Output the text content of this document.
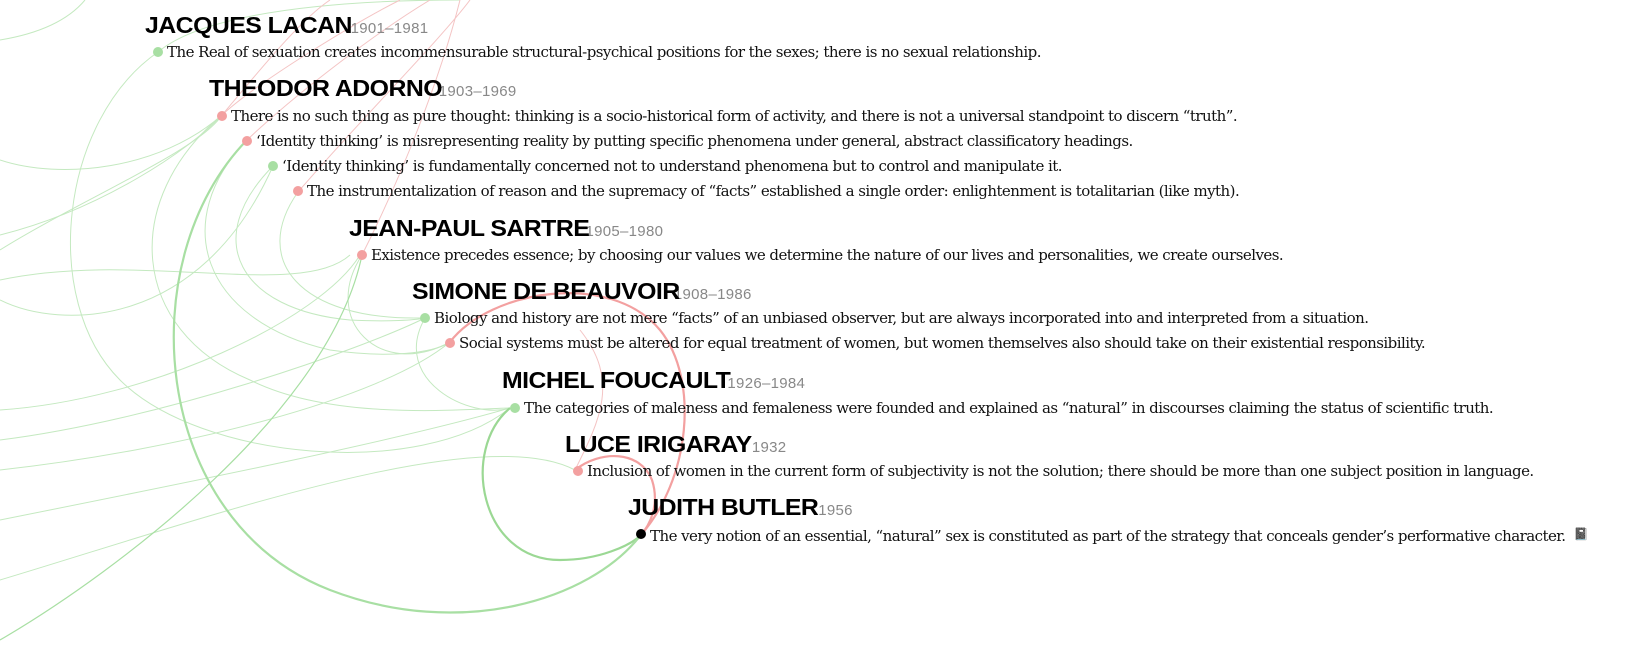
JACQUES LACAN1901–1981
The Real of sexuation creates incommensurable structural-psychical positions for the sexes; there is no sexual relationship.
THEODOR ADORNO1903–1969
There is no such thing as pure thought: thinking is a socio-historical form of activity, and there is not a universal standpoint to discern “truth”.
‘Identity thinking’ is misrepresenting reality by putting specific phenomena under general, abstract classificatory headings.
‘Identity thinking’ is fundamentally concerned not to understand phenomena but to control and manipulate it.
The instrumentalization of reason and the supremacy of “facts” established a single order: enlightenment is totalitarian (like myth).
JEAN-PAUL SARTRE1905–1980
Existence precedes essence; by choosing our values we determine the nature of our lives and personalities, we create ourselves.
SIMONE DE BEAUVOIR1908–1986
Biology and history are not mere “facts” of an unbiased observer, but are always incorporated into and interpreted from a situation.
Social systems must be altered for equal treatment of women, but women themselves also should take on their existential responsibility.
MICHEL FOUCAULT1926–1984
The categories of maleness and femaleness were founded and explained as “natural” in discourses claiming the status of scientific truth.
LUCE IRIGARAY1932
Inclusion of women in the current form of subjectivity is not the solution; there should be more than one subject position in language.
JUDITH BUTLER1956
The very notion of an essential, “natural” sex is constituted as part of the strategy that conceals gender’s performative character. 📓
